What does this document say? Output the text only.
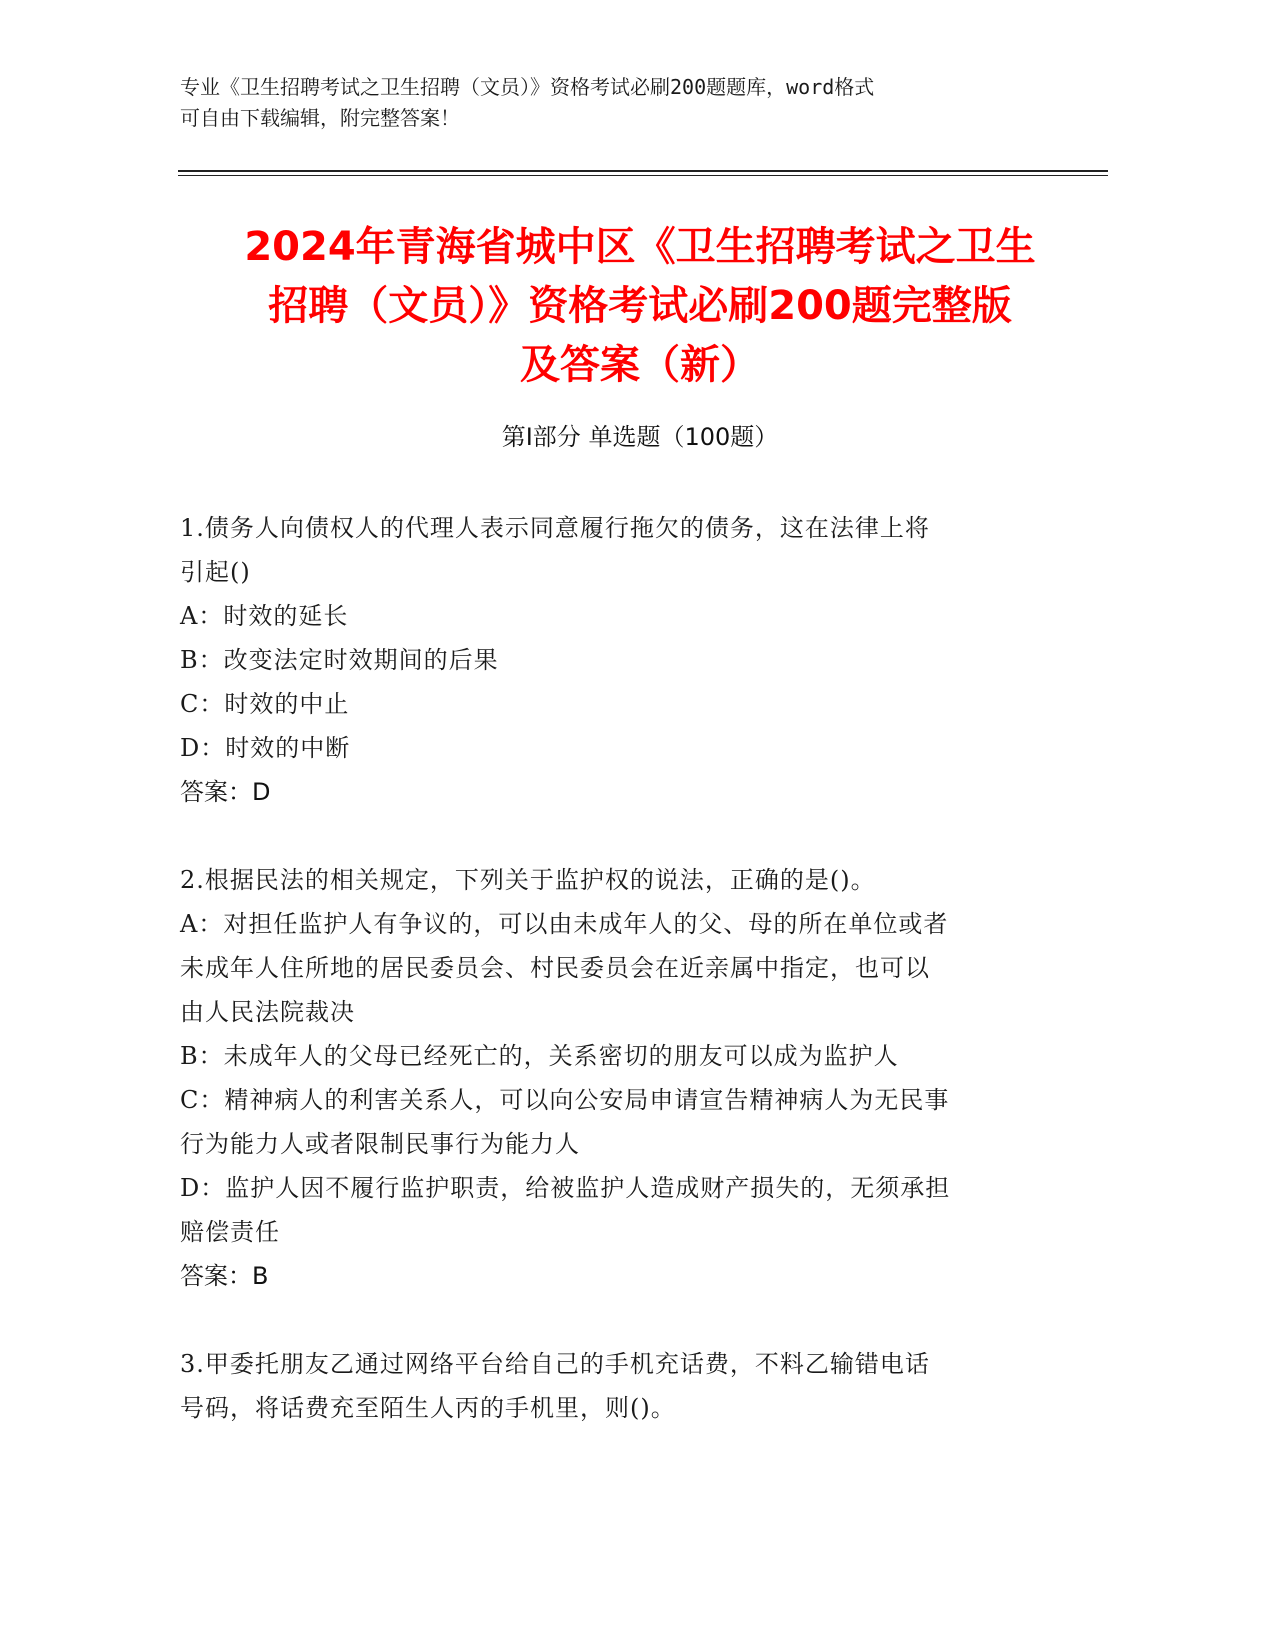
专业《卫生招聘考试之卫生招聘（文员）》资格考试必刷200题题库，word格式
可自由下载编辑，附完整答案！
2024年青海省城中区《卫生招聘考试之卫生
招聘（文员）》资格考试必刷200题完整版
及答案（新）
第Ⅰ部分 单选题（100题）
1.债务人向债权人的代理人表示同意履行拖欠的债务，这在法律上将
引起()
A：时效的延长
B：改变法定时效期间的后果
C：时效的中止
D：时效的中断
答案：D
2.根据民法的相关规定，下列关于监护权的说法，正确的是()。
A：对担任监护人有争议的，可以由未成年人的父、母的所在单位或者
未成年人住所地的居民委员会、村民委员会在近亲属中指定，也可以
由人民法院裁决
B：未成年人的父母已经死亡的，关系密切的朋友可以成为监护人
C：精神病人的利害关系人，可以向公安局申请宣告精神病人为无民事
行为能力人或者限制民事行为能力人
D：监护人因不履行监护职责，给被监护人造成财产损失的，无须承担
赔偿责任
答案：B
3.甲委托朋友乙通过网络平台给自己的手机充话费，不料乙输错电话
号码，将话费充至陌生人丙的手机里，则()。
